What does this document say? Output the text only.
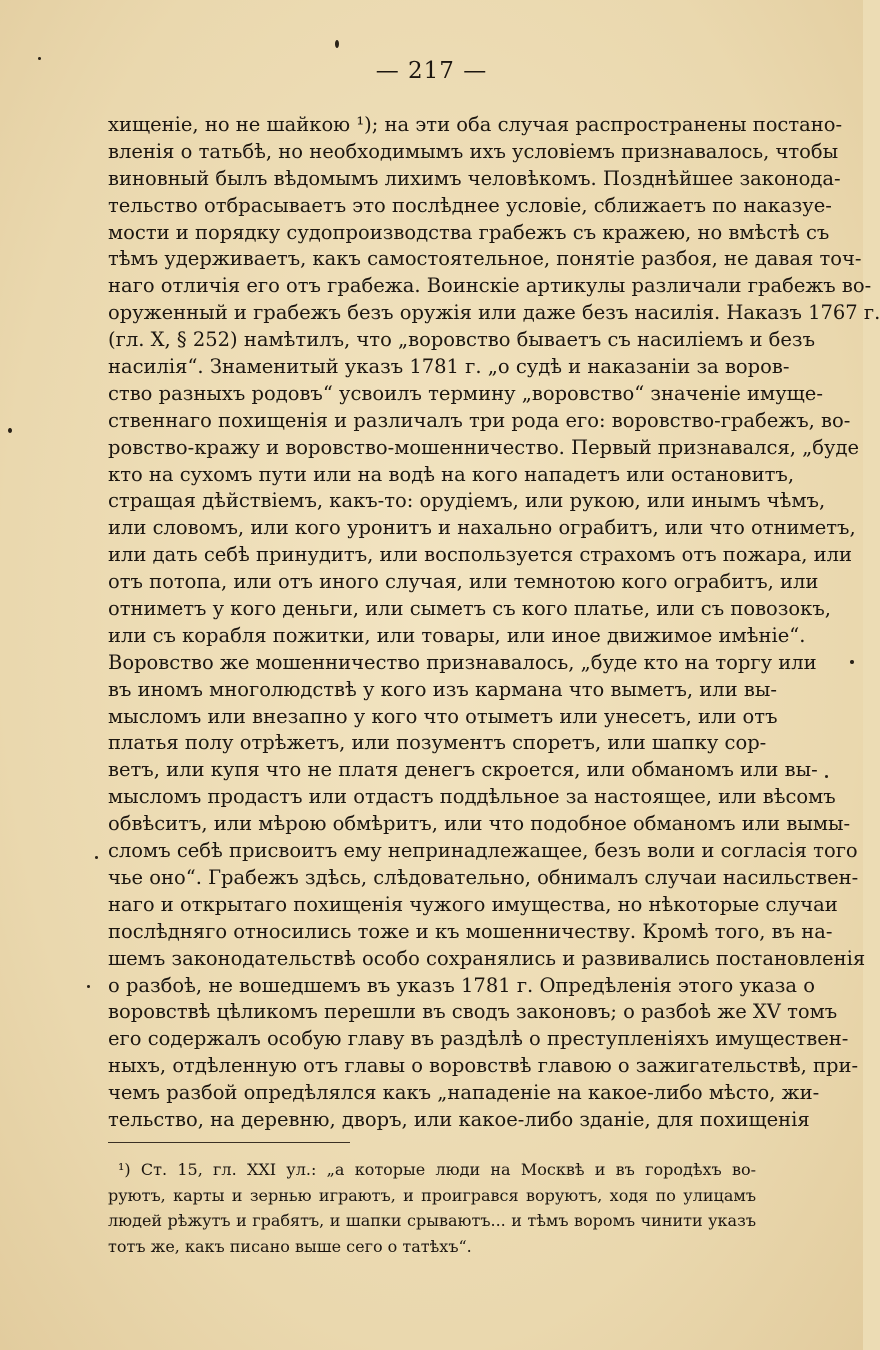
— 217 —
хищеніе, но не шайкою ¹); на эти оба случая распространены постано-
вленія о татьбѣ, но необходимымъ ихъ условіемъ признавалось, чтобы
виновный былъ вѣдомымъ лихимъ человѣкомъ. Позднѣйшее законода-
тельство отбрасываетъ это послѣднее условіе, сближаетъ по наказуе-
мости и порядку судопроизводства грабежъ съ кражею, но вмѣстѣ съ
тѣмъ удерживаетъ, какъ самостоятельное, понятіе разбоя, не давая точ-
наго отличія его отъ грабежа. Воинскіе артикулы различали грабежъ во-
оруженный и грабежъ безъ оружія или даже безъ насилія. Наказъ 1767 г.
(гл. X, § 252) намѣтилъ, что „воровство бываетъ съ насиліемъ и безъ
насилія“. Знаменитый указъ 1781 г. „о судѣ и наказаніи за воров-
ство разныхъ родовъ“ усвоилъ термину „воровство“ значеніе имуще-
ственнаго похищенія и различалъ три рода его: воровство-грабежъ, во-
ровство-кражу и воровство-мошенничество. Первый признавался, „буде
кто на сухомъ пути или на водѣ на кого нападетъ или остановитъ,
стращая дѣйствіемъ, какъ-то: орудіемъ, или рукою, или инымъ чѣмъ,
или словомъ, или кого уронитъ и нахально ограбитъ, или что отниметъ,
или дать себѣ принудитъ, или воспользуется страхомъ отъ пожара, или
отъ потопа, или отъ иного случая, или темнотою кого ограбитъ, или
отниметъ у кого деньги, или сыметъ съ кого платье, или съ повозокъ,
или съ корабля пожитки, или товары, или иное движимое имѣніе“.
Воровство же мошенничество признавалось, „буде кто на торгу или
въ иномъ многолюдствѣ у кого изъ кармана что выметъ, или вы-
мысломъ или внезапно у кого что отыметъ или унесетъ, или отъ
платья полу отрѣжетъ, или позументъ споретъ, или шапку сор-
ветъ, или купя что не платя денегъ скроется, или обманомъ или вы-
мысломъ продастъ или отдастъ поддѣльное за настоящее, или вѣсомъ
обвѣситъ, или мѣрою обмѣритъ, или что подобное обманомъ или вымы-
сломъ себѣ присвоитъ ему непринадлежащее, безъ воли и согласія того
чье оно“. Грабежъ здѣсь, слѣдовательно, обнималъ случаи насильствен-
наго и открытаго похищенія чужого имущества, но нѣкоторые случаи
послѣдняго относились тоже и къ мошенничеству. Кромѣ того, въ на-
шемъ законодательствѣ особо сохранялись и развивались постановленія
о разбоѣ, не вошедшемъ въ указъ 1781 г. Опредѣленія этого указа о
воровствѣ цѣликомъ перешли въ сводъ законовъ; о разбоѣ же XV томъ
его содержалъ особую главу въ раздѣлѣ о преступленіяхъ имуществен-
ныхъ, отдѣленную отъ главы о воровствѣ главою о зажигательствѣ, при-
чемъ разбой опредѣлялся какъ „нападеніе на какое-либо мѣсто, жи-
тельство, на деревню, дворъ, или какое-либо зданіе, для похищенія
¹) Ст. 15, гл. XXI ул.: „а которые люди на Москвѣ и въ городѣхъ во-
руютъ, карты и зернью играютъ, и проигрався воруютъ, ходя по улицамъ
людей рѣжутъ и грабятъ, и шапки срываютъ... и тѣмъ воромъ чинити указъ
тотъ же, какъ писано выше сего о татѣхъ“.
